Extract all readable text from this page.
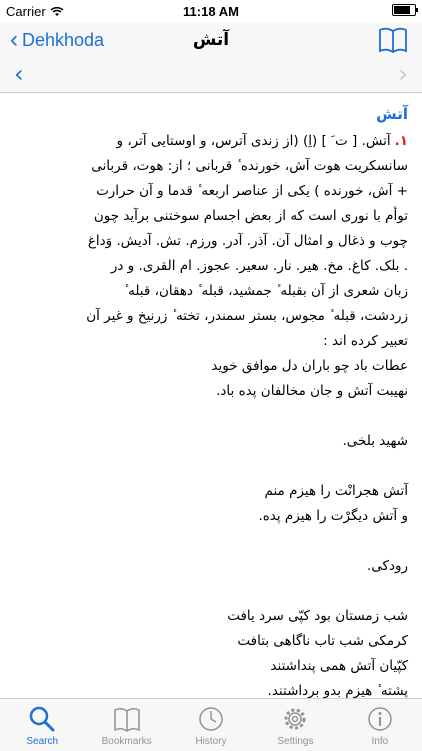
Carrier	11:18 AM
‹ Dehkhoda	آتش
‹	›
آتش

۱.آتش. [ ت َ ] (اِ) (از زندی آترس، و اوستایی آتر، و

سانسکریت هوت آش، خورنده ٔ قربانی ؛ از: هوت، قربانی

+ آش، خورنده ) یکی از عناصر اربعه ٔ قدما و آن حرارت

توأم با نوری است که از بعض اجسام سوختنی برآید چون

چوب و ذغال و امثال آن. آذر. آدر. ورزم. تش. آدیش. وَداغ

. بلک. کاغ. مخ. هیر. نار. سعیر. عجوز. ام القری. و در

زبان شعری از آن بقبله ٔ جمشید، قبله ٔ دهقان، قبله ٔ

زردشت، قبله ٔ مجوس، بستر سمندر، تخته ٔ زرنیخ و غیر آن

تعبیر کرده اند :

عطات باد چو باران دل موافق خوید

نهیبت آتش و جان مخالفان پده باد.

شهید بلخی.

آتش هجرانْت را هیزم منم

و آتش دیگرْت را هیزم پده.

رودکی.

شب زمستان بود کپّی سرد یافت

کرمکی شب تاب ناگاهی بتافت

کپّیان آتش همی پنداشتند

پشته ٔ هیزم بدو برداشتند.

Search	Bookmarks	History	Settings	Info
